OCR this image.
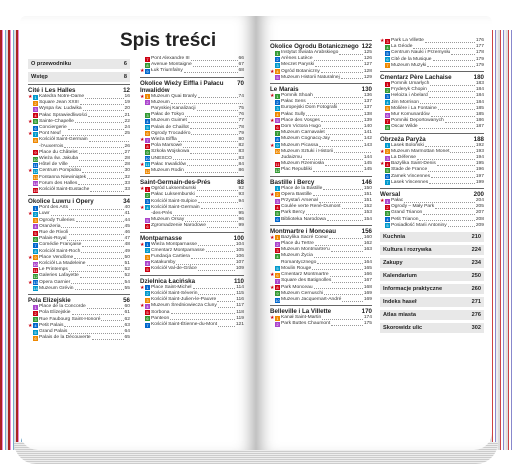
Spis treści
O przewodniku	6
Wstęp	8
Cité i Les Halles	12
★ 1 Katedra Notre-Dame	16
2 Square Jean XXIII	19
3 Wyspa św. Ludwika	20
4 Pałac Sprawiedliwości	21
★ 5 Sainte-Chapelle	22
6 Conciergerie	24
★ 7 Pont Neuf	25
8 Kościół Saint-Germain
-l'Auxerrois	26
9 Place du Châtelet	27
10 Wieża św. Jakuba	28
11 Hôtel de Ville	28
★ 12 Centrum Pompidou	30
13 Fontanna Niewiniątek	32
14 Forum des Halles	33
15 Kościół Saint-Eustache	33
Okolice Luwru i Opery	34
1 Pont des Arts	40
★ 2 Luwr	41
3 Ogrody Tuileries	44
4 Oranżeria	45
5 Rue de Rivoli	46
6 Palais-Royal	47
7 Comédie Française	48
8 Kościół Saint-Roch	49
★ 9 Place Vendôme	50
10 Kościół La Madeleine	51
11 Le Printemps	52
12 Galeries Lafayette	52
★ 13 Opera Garnier	54
14 Muzeum Grévin	55
Pola Elizejskie	56
1 Place de la Concorde	60
2 Pola Elizejskie	61
3 Rue Faubourg Saint-Honoré	62
★ 4 Petit Palais	63
5 Grand Palais	64
6 Palais de la Découverte	65
7 Pont Alexandre III	66
8 Avenue Montaigne	67
★ 9 Łuk Triumfalny	68
Okolice Wieży Eiffla i Pałacu Inwalidów
70
★ 1 Muzeum Quai Branly	74
2 Muzeum
Paryskiej Kanalizacji	75
3 Pałac de Tokyo	76
4 Muzeum Guimet	77
5 Palais de Chaillot	78
6 Ogrody Trocadéro	79
★ 7 Wieża Eiffla	80
8 Pola Marsowe	82
9 Szkoła Wojskowa	83
10 UNESCO	83
★ 11 Pałac Inwalidów	84
12 Muzeum Rodin	86
Saint-Germain-des-Prés	88
★ 1 Ogród Luksemburski	92
2 Pałac Luksemburski	93
3 Kościół Saint-Sulpice	94
★ 4 Kościół Saint-Germain
-des-Prés	95
5 Muzeum Orsay	96
6 Zgromadzenie Narodowe	99
Montparnasse	100
★ 1 Wieża Montparnasse	104
2 Cmentarz Montparnasse	105
3 Fundacja Cartiera	106
4 Katakumby	107
5 Kościół Val-de-Grâce	109
Dzielnica Łacińska	110
★ 1 Place Saint-Michel	114
2 Kościół Saint-Séverin	115
3 Kościół Saint-Julien-le-Pauvre	116
★ 4 Muzeum Średniowiecza Cluny	117
5 Sorbona	118
6 Panteon	119
7 Kościół Saint-Étienne-du-Mont	121
Okolice Ogrodu Botanicznego 122
1 Instytut Świata Arabskiego	125
2 Arènes Lutèce	126
3 Meczet Paryski	127
★ 4 Ogród Botaniczny	128
5 Muzeum Historii Naturalnej	129
Le Marais	130
★ 1 Pomnik Shoah	136
2 Pałac Sens	137
3 Europejski Dom Fotografii	137
4 Pałac Sully	138
★ 5 Place des Vosges	139
6 Dom Victora Hugo	140
7 Muzeum Carnavalet	141
8 Muzeum Cognacq-Jay	142
★ 9 Muzeum Picassa	143
10 Muzeum Sztuki i Historii
Judaizmu	144
11 Muzeum Rzemiosła	145
12 Plac Republiki	145
Bastille i Bercy	146
1 Place de la Bastille	150
★ 2 Opera Bastille	151
3 Przystań Arsenał	151
4 Coulée verte René-Dumont	152
5 Park Bercy	153
6 Biblioteka Narodowa	154
Montmartre i Monceau	156
★ 1 Bazylika Sacré Coeur	160
2 Place du Tertre	162
3 Muzeum Montmartre'u	163
4 Muzeum Życia
Romantycznego	164
5 Moulin Rouge	165
★ 6 Cmentarz Montmartre	166
7 Square des Batignolles	167
★ 8 Park Monceau	168
9 Muzeum Cernuschi	169
10 Muzeum Jacquemart-André	169
Belleville i La Villette	170
★ 1 Kanał Saint-Martin	174
2 Park Buttes Chaumont	175
★ 3 Park La Villette	176
4 La Géode	177
5 Centrum Nauki i Przemysłu	178
6 Cité de la Musique	179
7 Muzeum Muzyki	179
Cmentarz Père Lachaise	180
1 Pomnik Umarłych	183
2 Fryderyk Chopin	184
3 Heloiza i Abelard	184
4 Jim Morrison	184
5 Molière i La Fontaine	185
6 Mur Komunardów	185
7 Pomniki Deportowanych	186
8 Oscar Wilde	187
Obrzeża Paryża	188
1 Lasek Boloński	192
★ 2 Muzeum Marmottan Monet	193
3 La Défense	194
★ 4 Bazylika Saint-Denis	195
5 Stade de France	196
6 Zamek Vincennes	197
7 Lasek Vincennes	199
Wersal	200
★ 1 Pałac	204
2 Ogrody – Mały Park	205
3 Grand Trianon	207
4 Petit Trianon	208
5 Posiadłość Marii Antoniny	209
Kuchnia	210
Kultura i rozrywka	224
Zakupy	234
Kalendarium	250
Informacje praktyczne	260
Indeks haseł	271
Atlas miasta	276
Skorowidz ulic	302
